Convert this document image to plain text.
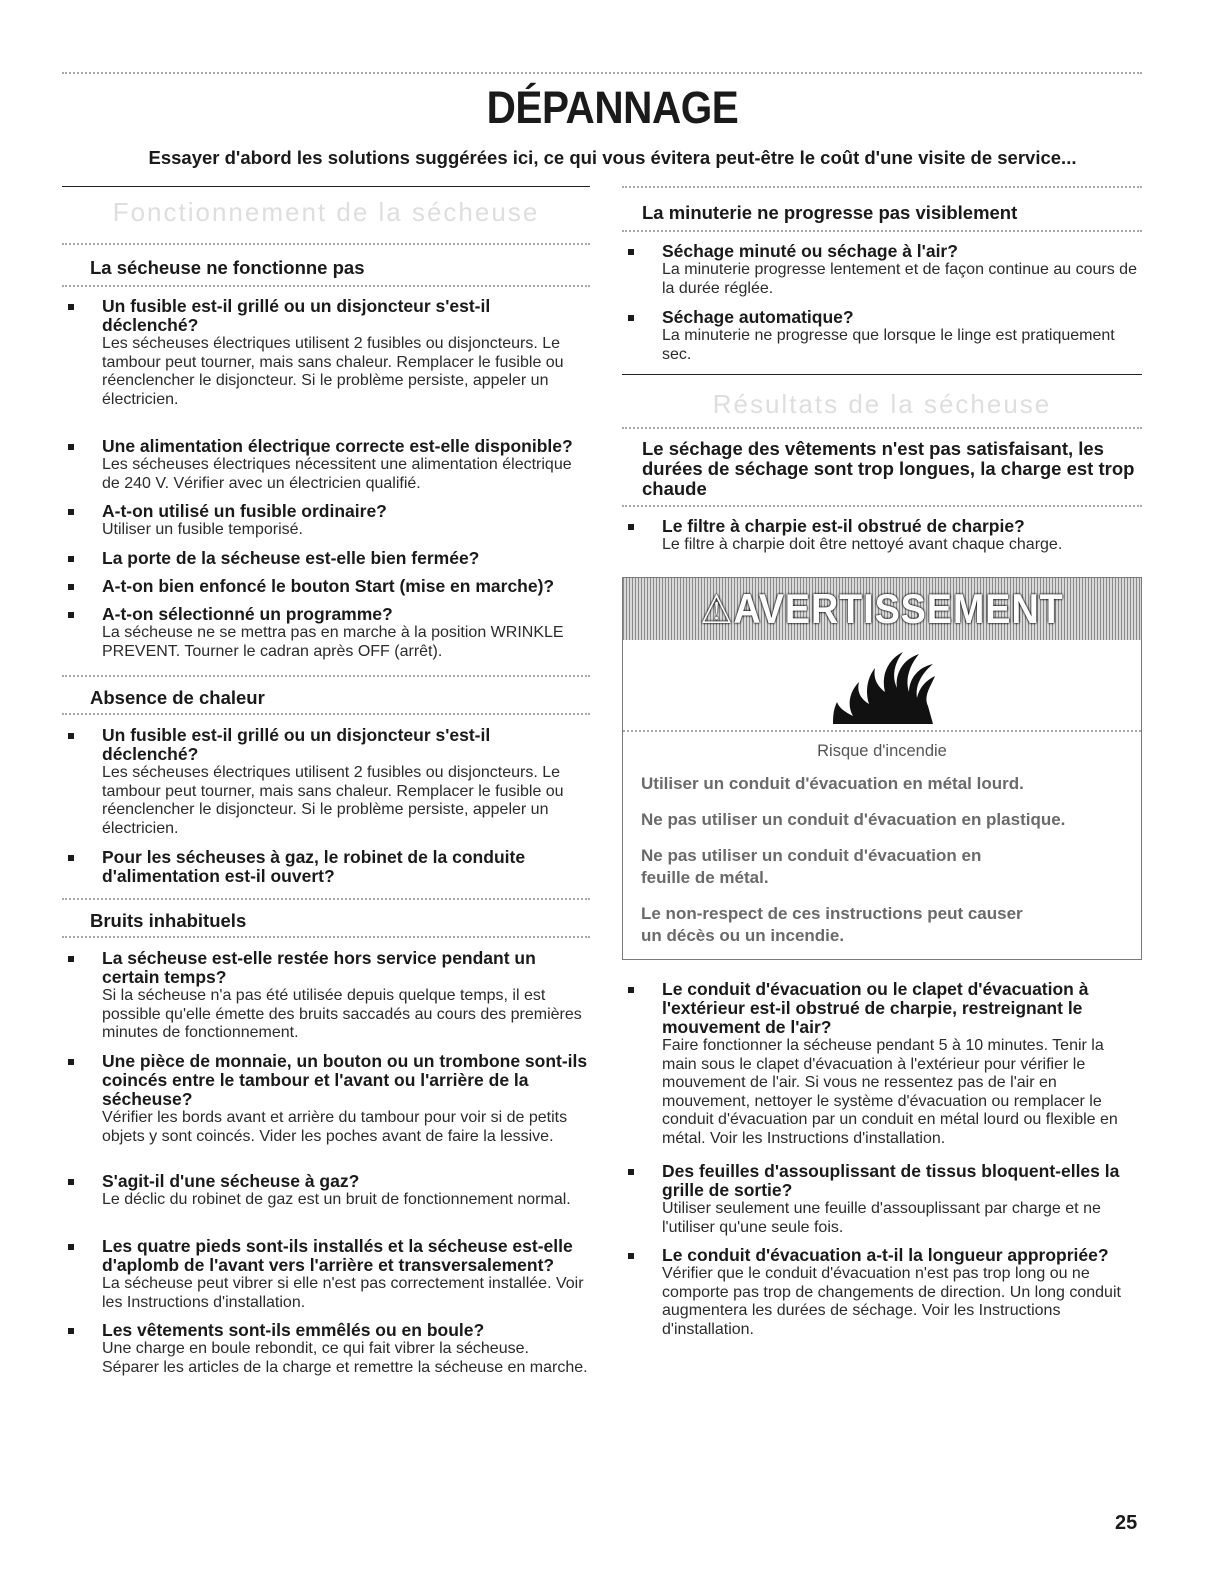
DÉPANNAGE
Essayer d'abord les solutions suggérées ici, ce qui vous évitera peut-être le coût d'une visite de service...
Fonctionnement de la sécheuse
La sécheuse ne fonctionne pas
Un fusible est-il grillé ou un disjoncteur s'est-il déclenché?
Les sécheuses électriques utilisent 2 fusibles ou disjoncteurs. Le tambour peut tourner, mais sans chaleur. Remplacer le fusible ou réenclencher le disjoncteur. Si le problème persiste, appeler un électricien.
Une alimentation électrique correcte est-elle disponible?
Les sécheuses électriques nécessitent une alimentation électrique de 240 V. Vérifier avec un électricien qualifié.
A-t-on utilisé un fusible ordinaire?
Utiliser un fusible temporisé.
La porte de la sécheuse est-elle bien fermée?
A-t-on bien enfoncé le bouton Start (mise en marche)?
A-t-on sélectionné un programme?
La sécheuse ne se mettra pas en marche à la position WRINKLE PREVENT. Tourner le cadran après OFF (arrêt).
Absence de chaleur
Un fusible est-il grillé ou un disjoncteur s'est-il déclenché?
Les sécheuses électriques utilisent 2 fusibles ou disjoncteurs. Le tambour peut tourner, mais sans chaleur. Remplacer le fusible ou réenclencher le disjoncteur. Si le problème persiste, appeler un électricien.
Pour les sécheuses à gaz, le robinet de la conduite d'alimentation est-il ouvert?
Bruits inhabituels
La sécheuse est-elle restée hors service pendant un certain temps?
Si la sécheuse n'a pas été utilisée depuis quelque temps, il est possible qu'elle émette des bruits saccadés au cours des premières minutes de fonctionnement.
Une pièce de monnaie, un bouton ou un trombone sont-ils coincés entre le tambour et l'avant ou l'arrière de la sécheuse?
Vérifier les bords avant et arrière du tambour pour voir si de petits objets y sont coincés. Vider les poches avant de faire la lessive.
S'agit-il d'une sécheuse à gaz?
Le déclic du robinet de gaz est un bruit de fonctionnement normal.
Les quatre pieds sont-ils installés et la sécheuse est-elle d'aplomb de l'avant vers l'arrière et transversalement?
La sécheuse peut vibrer si elle n'est pas correctement installée. Voir les Instructions d'installation.
Les vêtements sont-ils emmêlés ou en boule?
Une charge en boule rebondit, ce qui fait vibrer la sécheuse. Séparer les articles de la charge et remettre la sécheuse en marche.
La minuterie ne progresse pas visiblement
Séchage minuté ou séchage à l'air?
La minuterie progresse lentement et de façon continue au cours de la durée réglée.
Séchage automatique?
La minuterie ne progresse que lorsque le linge est pratiquement sec.
Résultats de la sécheuse
Le séchage des vêtements n'est pas satisfaisant, les durées de séchage sont trop longues, la charge est trop chaude
Le filtre à charpie est-il obstrué de charpie?
Le filtre à charpie doit être nettoyé avant chaque charge.
⚠AVERTISSEMENT
Risque d'incendie
Utiliser un conduit d'évacuation en métal lourd.
Ne pas utiliser un conduit d'évacuation en plastique.
Ne pas utiliser un conduit d'évacuation en feuille de métal.
Le non-respect de ces instructions peut causer un décès ou un incendie.
Le conduit d'évacuation ou le clapet d'évacuation à l'extérieur est-il obstrué de charpie, restreignant le mouvement de l'air?
Faire fonctionner la sécheuse pendant 5 à 10 minutes. Tenir la main sous le clapet d'évacuation à l'extérieur pour vérifier le mouvement de l'air. Si vous ne ressentez pas de l'air en mouvement, nettoyer le système d'évacuation ou remplacer le conduit d'évacuation par un conduit en métal lourd ou flexible en métal. Voir les Instructions d'installation.
Des feuilles d'assouplissant de tissus bloquent-elles la grille de sortie?
Utiliser seulement une feuille d'assouplissant par charge et ne l'utiliser qu'une seule fois.
Le conduit d'évacuation a-t-il la longueur appropriée?
Vérifier que le conduit d'évacuation n'est pas trop long ou ne comporte pas trop de changements de direction. Un long conduit augmentera les durées de séchage. Voir les Instructions d'installation.
25
